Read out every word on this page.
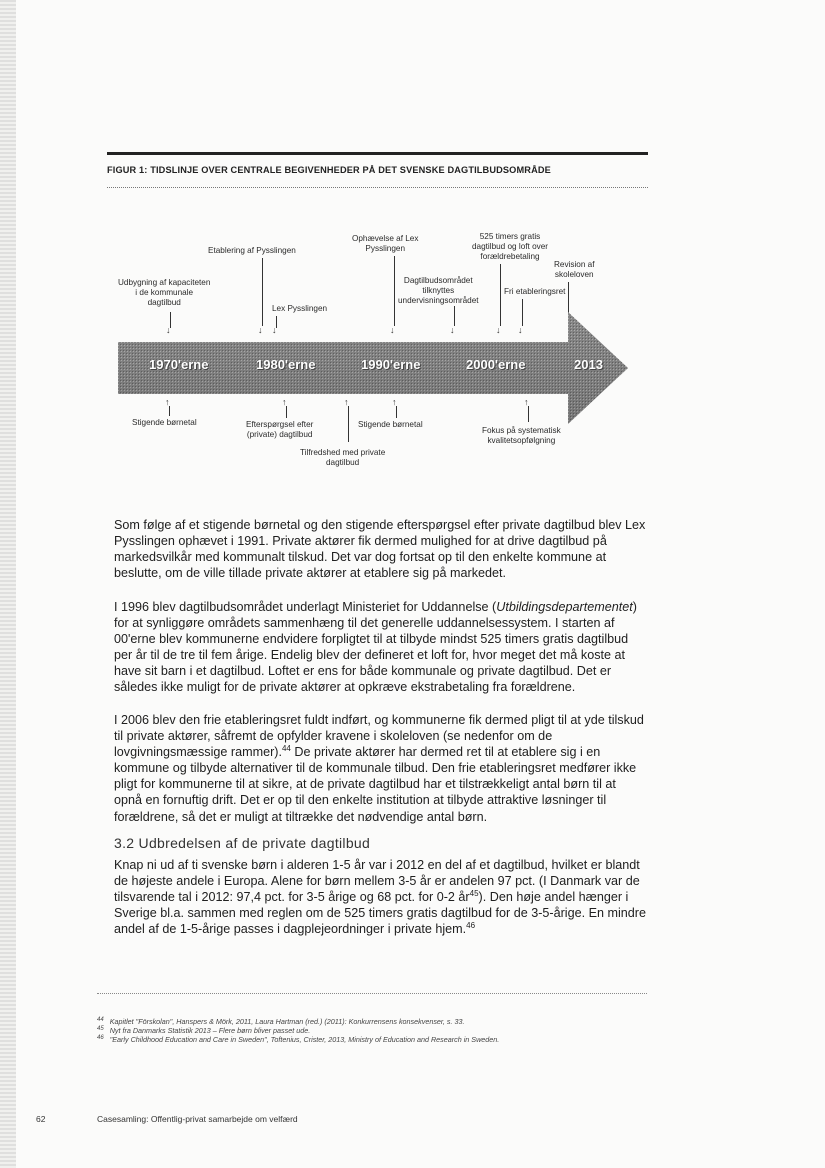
FIGUR 1: TIDSLINJE OVER CENTRALE BEGIVENHEDER PÅ DET SVENSKE DAGTILBUDSOMRÅDE
Udbygning af kapaciteten
i de kommunale
dagtilbud
↓
Etablering af Pysslingen
↓
Lex Pysslingen
↓
Ophævelse af Lex
Pysslingen
↓
Dagtilbudsområdet
tilknyttes
undervisningsområdet
↓
525 timers gratis
dagtilbud og loft over
forældrebetaling
↓
Fri etableringsret
↓
Revision af
skoleloven
1970'erne	1980'erne	1990'erne	2000'erne	2013
↑
Stigende børnetal
↑
Efterspørgsel efter
(private) dagtilbud
↑
Tilfredshed med private
dagtilbud
↑
Stigende børnetal
↑
Fokus på systematisk
kvalitetsopfølgning
Som følge af et stigende børnetal og den stigende efterspørgsel efter private dagtilbud blev Lex Pysslingen ophævet i 1991. Private aktører fik dermed mulighed for at drive dagtilbud på markedsvilkår med kommunalt tilskud. Det var dog fortsat op til den enkelte kommune at beslutte, om de ville tillade private aktører at etablere sig på markedet.
I 1996 blev dagtilbudsområdet underlagt Ministeriet for Uddannelse (Utbildingsdepartementet) for at synliggøre områdets sammenhæng til det generelle uddannelsessystem. I starten af 00'erne blev kommunerne endvidere forpligtet til at tilbyde mindst 525 timers gratis dagtilbud per år til de tre til fem årige. Endelig blev der defineret et loft for, hvor meget det må koste at have sit barn i et dagtilbud. Loftet er ens for både kommunale og private dagtilbud. Det er således ikke muligt for de private aktører at opkræve ekstrabetaling fra forældrene.
I 2006 blev den frie etableringsret fuldt indført, og kommunerne fik dermed pligt til at yde tilskud til private aktører, såfremt de opfylder kravene i skoleloven (se nedenfor om de lovgivningsmæssige rammer).$^{44}$ De private aktører har dermed ret til at etablere sig i en kommune og tilbyde alternativer til de kommunale tilbud. Den frie etableringsret medfører ikke pligt for kommunerne til at sikre, at de private dagtilbud har et tilstrækkeligt antal børn til at opnå en fornuftig drift. Det er op til den enkelte institution at tilbyde attraktive løsninger til forældrene, så det er muligt at tiltrække det nødvendige antal børn.
3.2 Udbredelsen af de private dagtilbud
Knap ni ud af ti svenske børn i alderen 1-5 år var i 2012 en del af et dagtilbud, hvilket er blandt de højeste andele i Europa. Alene for børn mellem 3-5 år er andelen 97 pct. (I Danmark var de tilsvarende tal i 2012: 97,4 pct. for 3-5 årige og 68 pct. for 0-2 $år^{45}$). Den høje andel hænger i Sverige bl.a. sammen med reglen om de 525 timers gratis dagtilbud for de 3-5-årige. En mindre andel af de 1-5-årige passes i dagplejeordninger i private hjem.$^{46}$
$^{44}$ Kapitlet "Förskolan", Hanspers & Mörk, 2011, Laura Hartman (red.) (2011): Konkurrensens konsekvenser, s. 33.
$^{45}$ Nyt fra Danmarks Statistik 2013 – Flere børn bliver passet ude.
$^{46}$ "Early Childhood Education and Care in Sweden", Toftenius, Crister, 2013, Ministry of Education and Research in Sweden.
62	Casesamling: Offentlig-privat samarbejde om velfærd
